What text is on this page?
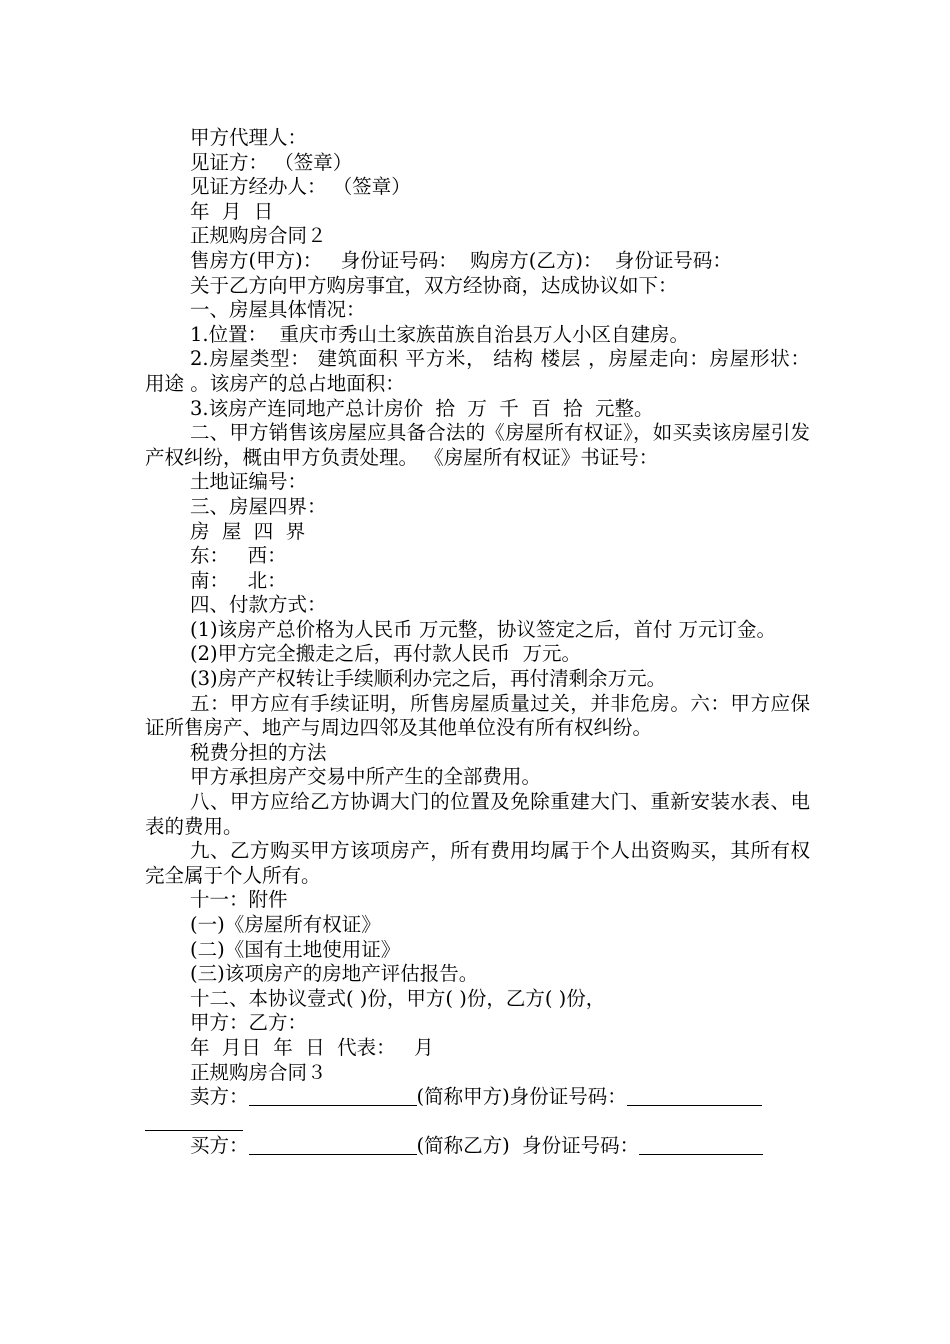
甲方代理人：

见证方： （签章）

见证方经办人： （签章）

年  月  日

正规购房合同２

售房方(甲方)：   身份证号码：  购房方(乙方)：  身份证号码：

关于乙方向甲方购房事宜，双方经协商，达成协议如下：

一、房屋具体情况：

1.位置：  重庆市秀山土家族苗族自治县万人小区自建房。

2.房屋类型： 建筑面积 平方米， 结构 楼层 ，房屋走向：房屋形状： 用途 。该房产的总占地面积：

3.该房产连同地产总计房价  拾  万  千  百  拾  元整。

二、甲方销售该房屋应具备合法的《房屋所有权证》，如买卖该房屋引发产权纠纷，概由甲方负责处理。 《房屋所有权证》书证号：

土地证编号：

三、房屋四界：

房  屋  四  界

东：   西：

南：   北：

四、付款方式：

(1)该房产总价格为人民币 万元整，协议签定之后，首付 万元订金。

(2)甲方完全搬走之后，再付款人民币  万元。

(3)房产产权转让手续顺利办完之后，再付清剩余万元。

五：甲方应有手续证明，所售房屋质量过关，并非危房。六：甲方应保证所售房产、地产与周边四邻及其他单位没有所有权纠纷。

税费分担的方法

甲方承担房产交易中所产生的全部费用。

八、甲方应给乙方协调大门的位置及免除重建大门、重新安装水表、电表的费用。

九、乙方购买甲方该项房产，所有费用均属于个人出资购买，其所有权完全属于个人所有。

十一：附件

(一)《房屋所有权证》

(二)《国有土地使用证》

(三)该项房产的房地产评估报告。

十二、本协议壹式( )份，甲方( )份，乙方( )份，

甲方：乙方：

年  月日  年  日  代表：   月

正规购房合同３

卖方：	(简称甲方)身份证号码：

买方：	(简称乙方)  身份证号码：
